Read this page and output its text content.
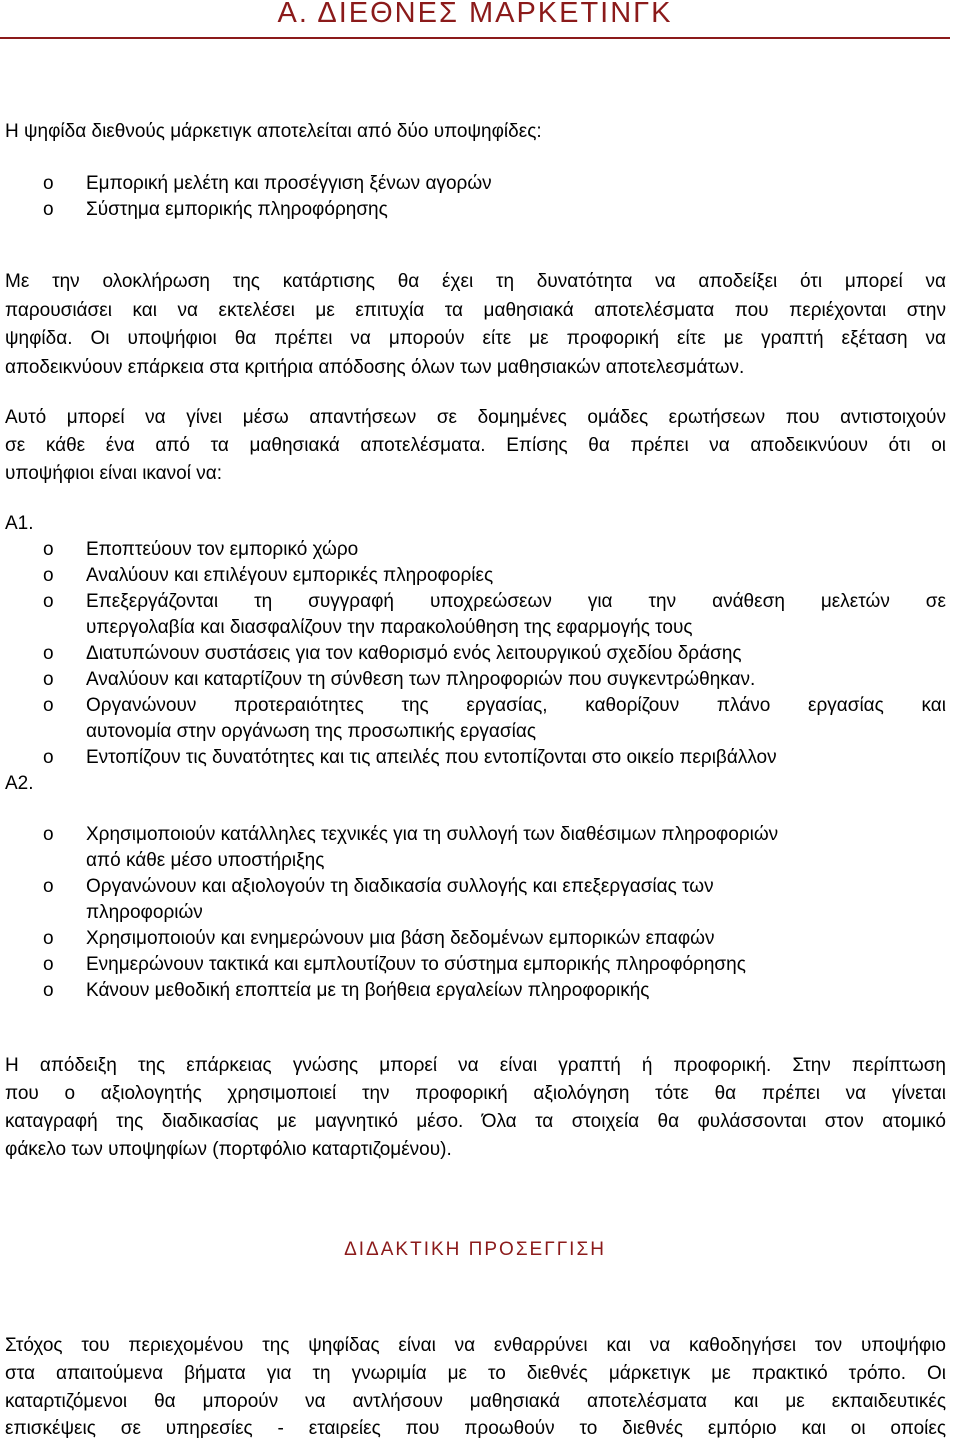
Α. ΔΙΕΘΝΕΣ ΜΑΡΚΕΤΙΝΓΚ
Η ψηφίδα διεθνούς μάρκετιγκ αποτελείται από δύο υποψηφίδες:
o Εμπορική μελέτη και προσέγγιση ξένων αγορών
o Σύστημα εμπορικής πληροφόρησης
Με την ολοκλήρωση της κατάρτισης θα έχει τη δυνατότητα να αποδείξει ότι μπορεί να
παρουσιάσει και να εκτελέσει με επιτυχία τα μαθησιακά αποτελέσματα που περιέχονται στην
ψηφίδα. Οι υποψήφιοι θα πρέπει να μπορούν είτε με προφορική είτε με γραπτή εξέταση να
αποδεικνύουν επάρκεια στα κριτήρια απόδοσης όλων των μαθησιακών αποτελεσμάτων.
Αυτό μπορεί να γίνει μέσω απαντήσεων σε δομημένες ομάδες ερωτήσεων που αντιστοιχούν
σε κάθε ένα από τα μαθησιακά αποτελέσματα. Επίσης θα πρέπει να αποδεικνύουν ότι οι
υποψήφιοι είναι ικανοί να:
Α1.
o Εποπτεύουν τον εμπορικό χώρο
o Αναλύουν και επιλέγουν εμπορικές πληροφορίες
o Επεξεργάζονται τη συγγραφή υποχρεώσεων για την ανάθεση μελετών σε
υπεργολαβία και διασφαλίζουν την παρακολούθηση της εφαρμογής τους
o Διατυπώνουν συστάσεις για τον καθορισμό ενός λειτουργικού σχεδίου δράσης
o Αναλύουν και καταρτίζουν τη σύνθεση των πληροφοριών που συγκεντρώθηκαν.
o Οργανώνουν προτεραιότητες της εργασίας, καθορίζουν πλάνο εργασίας και
αυτονομία στην οργάνωση της προσωπικής εργασίας
o Εντοπίζουν τις δυνατότητες και τις απειλές που εντοπίζονται στο οικείο περιβάλλον
Α2.
o Χρησιμοποιούν κατάλληλες τεχνικές για τη συλλογή των διαθέσιμων πληροφοριών
από κάθε μέσο υποστήριξης
o Οργανώνουν και αξιολογούν τη διαδικασία συλλογής και επεξεργασίας των
πληροφοριών
o Χρησιμοποιούν και ενημερώνουν μια βάση δεδομένων εμπορικών επαφών
o Ενημερώνουν τακτικά και εμπλουτίζουν το σύστημα εμπορικής πληροφόρησης
o Κάνουν μεθοδική εποπτεία με τη βοήθεια εργαλείων πληροφορικής
Η απόδειξη της επάρκειας γνώσης μπορεί να είναι γραπτή ή προφορική. Στην περίπτωση
που ο αξιολογητής χρησιμοποιεί την προφορική αξιολόγηση τότε θα πρέπει να γίνεται
καταγραφή της διαδικασίας με μαγνητικό μέσο. Όλα τα στοιχεία θα φυλάσσονται στον ατομικό
φάκελο των υποψηφίων (πορτφόλιο καταρτιζομένου).
ΔΙΔΑΚΤΙΚΗ ΠΡΟΣΕΓΓΙΣΗ
Στόχος του περιεχομένου της ψηφίδας είναι να ενθαρρύνει και να καθοδηγήσει τον υποψήφιο
στα απαιτούμενα βήματα για τη γνωριμία με το διεθνές μάρκετιγκ με πρακτικό τρόπο. Οι
καταρτιζόμενοι θα μπορούν να αντλήσουν μαθησιακά αποτελέσματα και με εκπαιδευτικές
επισκέψεις σε υπηρεσίες - εταιρείες που προωθούν το διεθνές εμπόριο και οι οποίες
